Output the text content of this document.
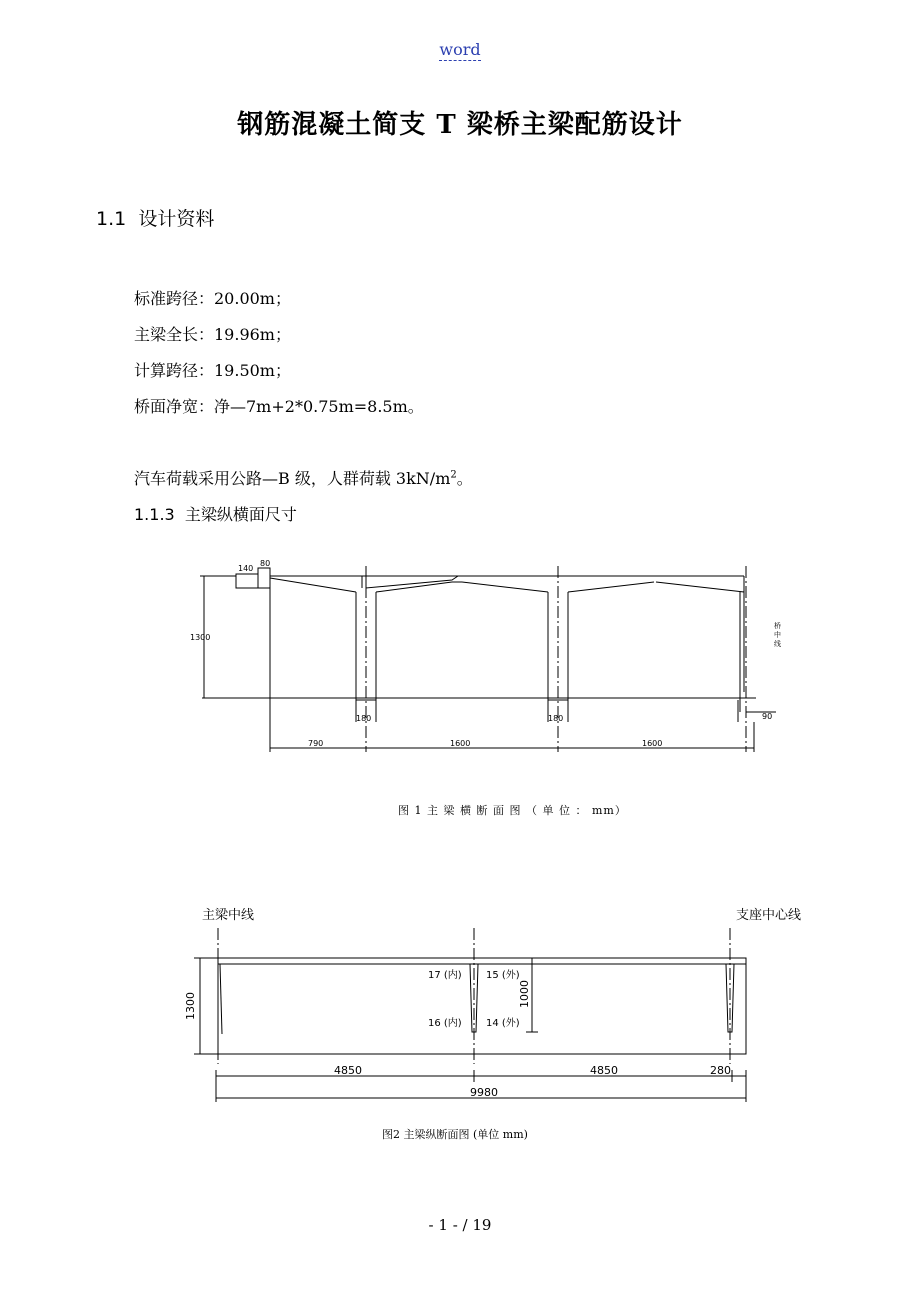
word
钢筋混凝土简支 T 梁桥主梁配筋设计
1.1 设计资料
标准跨径：20.00m；
主梁全长：19.96m；
计算跨径：19.50m；
桥面净宽：净—7m+2*0.75m=8.5m。
汽车荷载采用公路—B 级，人群荷载 $3kN/m^2$。
1.1.3 主梁纵横面尺寸
140
80
1300
180	180	90
790	1600	1600
桥
中
线
图 1 主 梁 横 断 面 图 （ 单 位 ： mm）
主梁中线	支座中心线
1300	1000
17 (内) 15 (外)
16 (内) 14 (外)
4850	4850	280
9980
图2 主梁纵断面图 (单位 mm)
- 1 - / 19
